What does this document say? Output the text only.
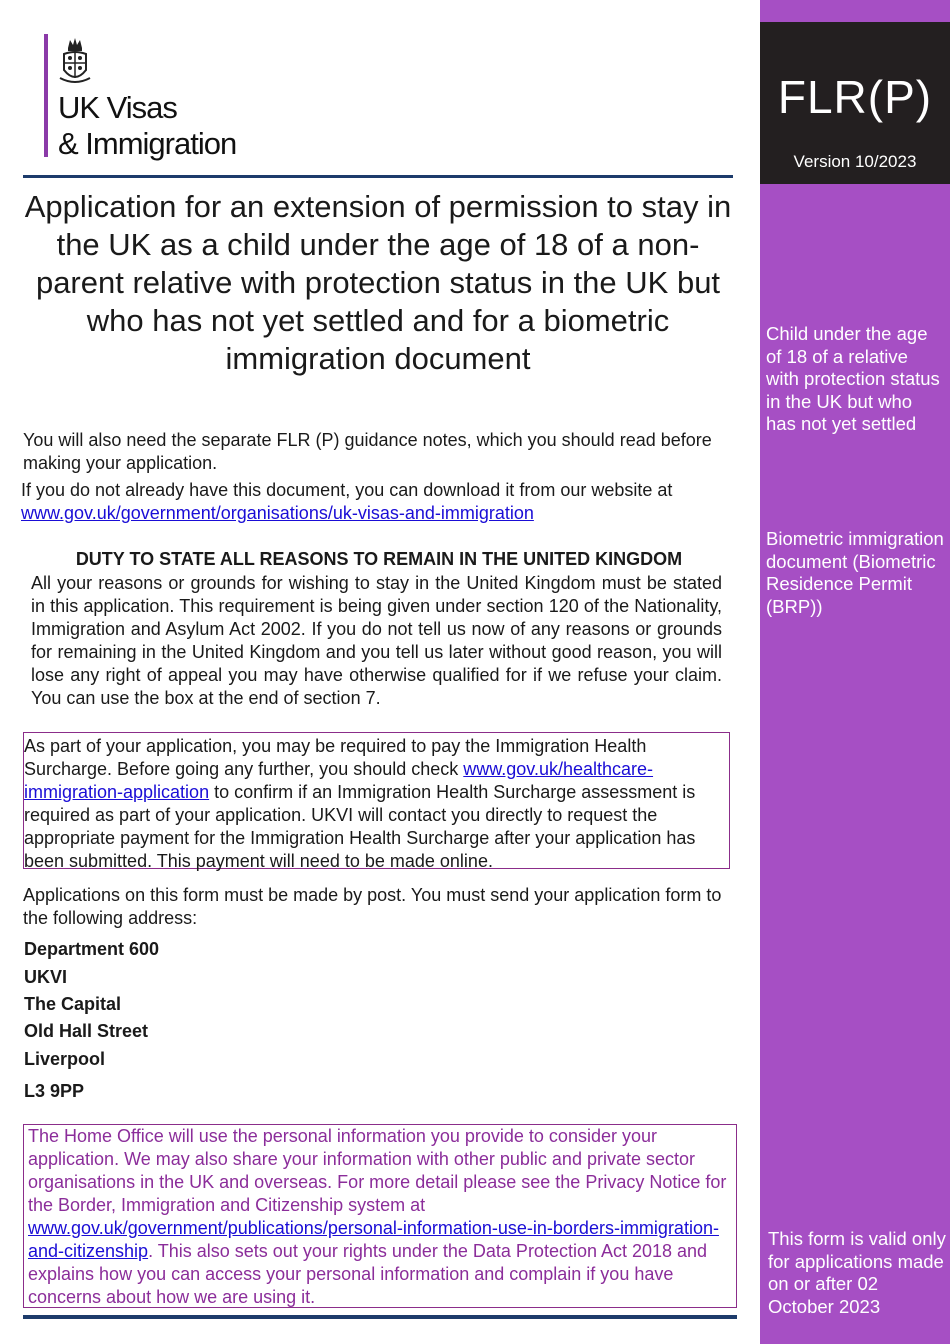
UK Visas
& Immigration
FLR(P)
Version 10/2023
Child under the age of 18 of a relative with protection status in the UK but who has not yet settled
Biometric immigration document (Biometric Residence Permit (BRP))
This form is valid only for applications made on or after 02 October 2023
Application for an extension of permission to stay in the UK as a child under the age of 18 of a non-parent relative with protection status in the UK but who has not yet settled and for a biometric immigration document
You will also need the separate FLR (P) guidance notes, which you should read before making your application.
If you do not already have this document, you can download it from our website at
www.gov.uk/government/organisations/uk-visas-and-immigration
DUTY TO STATE ALL REASONS TO REMAIN IN THE UNITED KINGDOM
All your reasons or grounds for wishing to stay in the United Kingdom must be stated in this application. This requirement is being given under section 120 of the Nationality, Immigration and Asylum Act 2002. If you do not tell us now of any reasons or grounds for remaining in the United Kingdom and you tell us later without good reason, you will lose any right of appeal you may have otherwise qualified for if we refuse your claim. You can use the box at the end of section 7.
As part of your application, you may be required to pay the Immigration Health Surcharge. Before going any further, you should check www.gov.uk/healthcare-immigration-application to confirm if an Immigration Health Surcharge assessment is required as part of your application. UKVI will contact you directly to request the appropriate payment for the Immigration Health Surcharge after your application has been submitted. This payment will need to be made online.
Applications on this form must be made by post. You must send your application form to the following address:
Department 600
UKVI
The Capital
Old Hall Street
Liverpool
L3 9PP
The Home Office will use the personal information you provide to consider your application. We may also share your information with other public and private sector organisations in the UK and overseas. For more detail please see the Privacy Notice for the Border, Immigration and Citizenship system at www.gov.uk/government/publications/personal-information-use-in-borders-immigration-and-citizenship. This also sets out your rights under the Data Protection Act 2018 and explains how you can access your personal information and complain if you have concerns about how we are using it.
